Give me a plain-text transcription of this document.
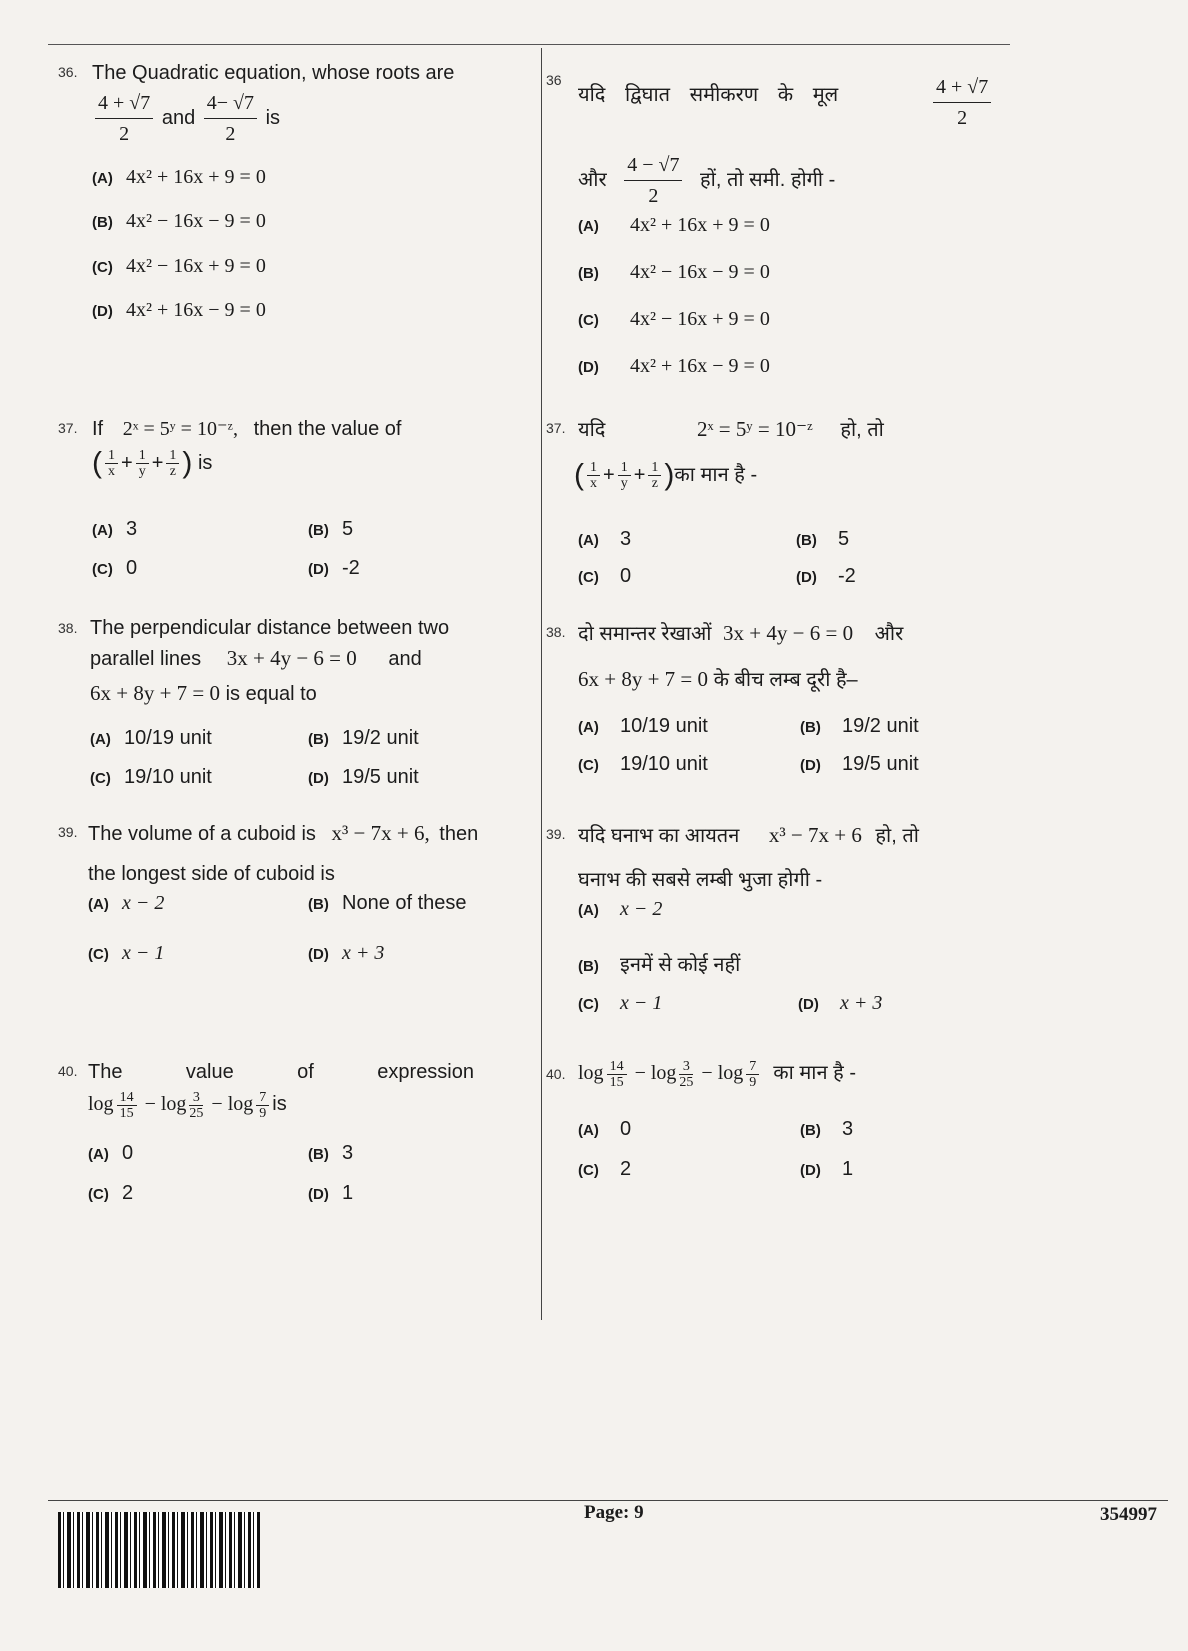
36. The Quadratic equation, whose roots are
$\frac{4 + √7}{2}$ and $\frac{4- √7}{2}$ is
(A) 4x² + 16x + 9 = 0
(B) 4x² − 16x − 9 = 0
(C) 4x² − 16x + 9 = 0
(D) 4x² + 16x − 9 = 0
37. If 2ˣ = 5ʸ = 10⁻ᶻ, then the value of
( $\frac{1}{x} + \frac{1}{y} + \frac{1}{z}$ ) is
(A) 3	(B) 5
(C) 0	(D) -2
38. The perpendicular distance between two
parallel lines 3x + 4y − 6 = 0 and
6x + 8y + 7 = 0 is equal to
(A) 10/19 unit	(B) 19/2 unit
(C) 19/10 unit	(D) 19/5 unit
39. The volume of a cuboid is x³ − 7x + 6, then
the longest side of cuboid is
(A) x − 2	(B) None of these
(C) x − 1	(D) x + 3
40. The	value	of	expression
$\log \frac{14}{15} - \log \frac{3}{25} - \log \frac{7}{9}$ is
(A) 0	(B) 3
(C) 2	(D) 1
36
यदि द्विघात समीकरण के मूल	$\frac{4 + √7}{2}$
और $\frac{4 - √7}{2}$ हों, तो समी. होगी -
(A) 4x² + 16x + 9 = 0
(B) 4x² − 16x − 9 = 0
(C) 4x² − 16x + 9 = 0
(D) 4x² + 16x − 9 = 0
37. यदि	2ˣ = 5ʸ = 10⁻ᶻ हो, तो
( $\frac{1}{x} + \frac{1}{y} + \frac{1}{z}$ )का मान है -
(A) 3	(B) 5
(C) 0	(D) -2
38. दो समान्तर रेखाओं 3x + 4y − 6 = 0 और
6x + 8y + 7 = 0 के बीच लम्ब दूरी है–
(A) 10/19 unit	(B) 19/2 unit
(C) 19/10 unit	(D) 19/5 unit
39. यदि घनाभ का आयतन x³ − 7x + 6 हो, तो
घनाभ की सबसे लम्बी भुजा होगी -
(A) x − 2
(B) इनमें से कोई नहीं
(C) x − 1	(D) x + 3
40. $\log \frac{14}{15} - \log \frac{3}{25} - \log \frac{7}{9}$ का मान है -
(A) 0	(B) 3
(C) 2	(D) 1
Page: 9	354997
